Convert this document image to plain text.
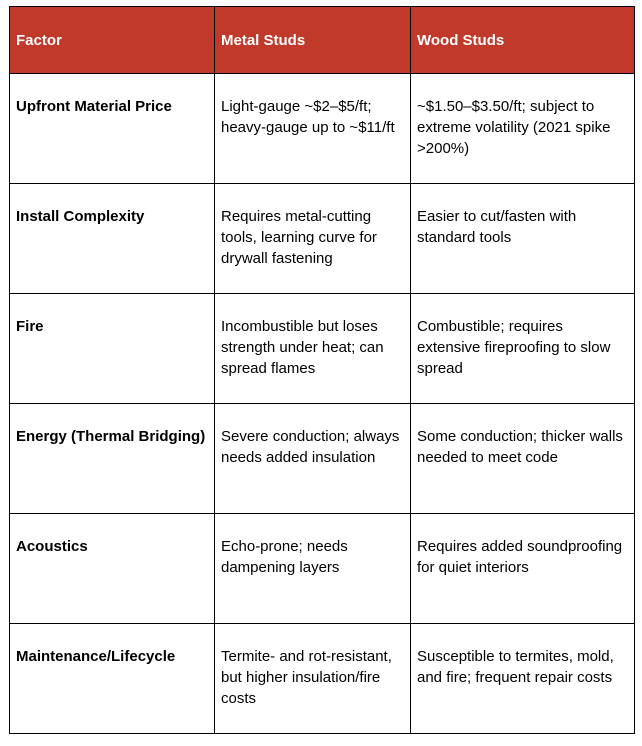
Factor	Metal Studs	Wood Studs
Upfront Material Price	Light-gauge ~$2–$5/ft; heavy-gauge up to ~$11/ft	~$1.50–$3.50/ft; subject to extreme volatility (2021 spike >200%)
Install Complexity	Requires metal-cutting tools, learning curve for drywall fastening	Easier to cut/fasten with standard tools
Fire	Incombustible but loses strength under heat; can spread flames	Combustible; requires extensive fireproofing to slow spread
Energy (Thermal Bridging)	Severe conduction; always needs added insulation	Some conduction; thicker walls needed to meet code
Acoustics	Echo-prone; needs dampening layers	Requires added soundproofing for quiet interiors
Maintenance/Lifecycle	Termite- and rot-resistant, but higher insulation/fire costs	Susceptible to termites, mold, and fire; frequent repair costs
